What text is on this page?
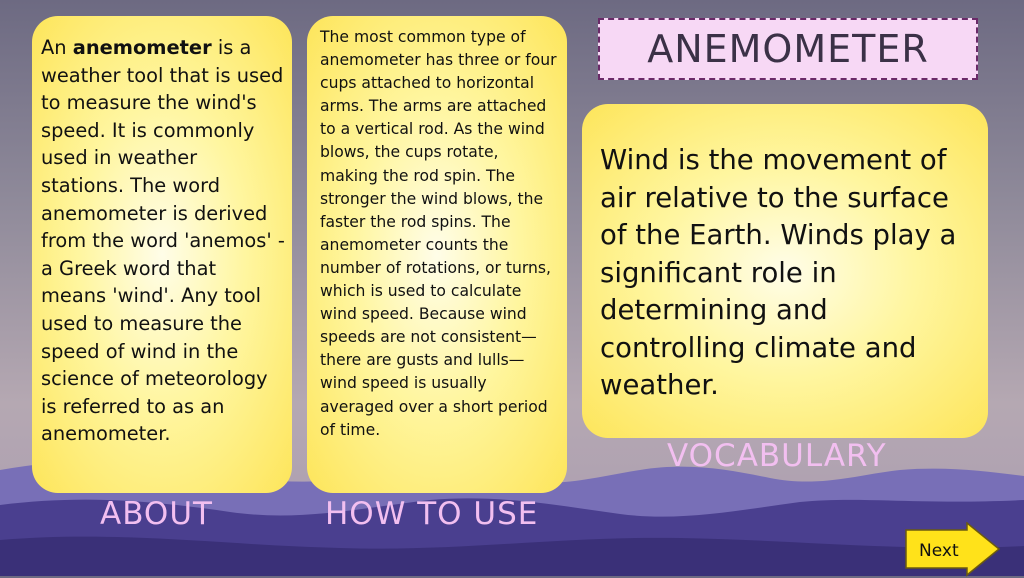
An anemometer is a weather tool that is used to measure the wind's speed. It is commonly used in weather stations. The word anemometer is derived from the word 'anemos' - a Greek word that means 'wind'. Any tool used to measure the speed of wind in the science of meteorology is referred to as an anemometer.
The most common type of anemometer has three or four cups attached to horizontal arms. The arms are attached to a vertical rod. As the wind blows, the cups rotate, making the rod spin. The stronger the wind blows, the faster the rod spins. The anemometer counts the number of rotations, or turns, which is used to calculate wind speed. Because wind speeds are not consistent—there are gusts and lulls—wind speed is usually averaged over a short period of time.
ANEMOMETER
Wind is the movement of air relative to the surface of the Earth. Winds play a significant role in determining and controlling climate and weather.
ABOUT	HOW TO USE
VOCABULARY
Next
